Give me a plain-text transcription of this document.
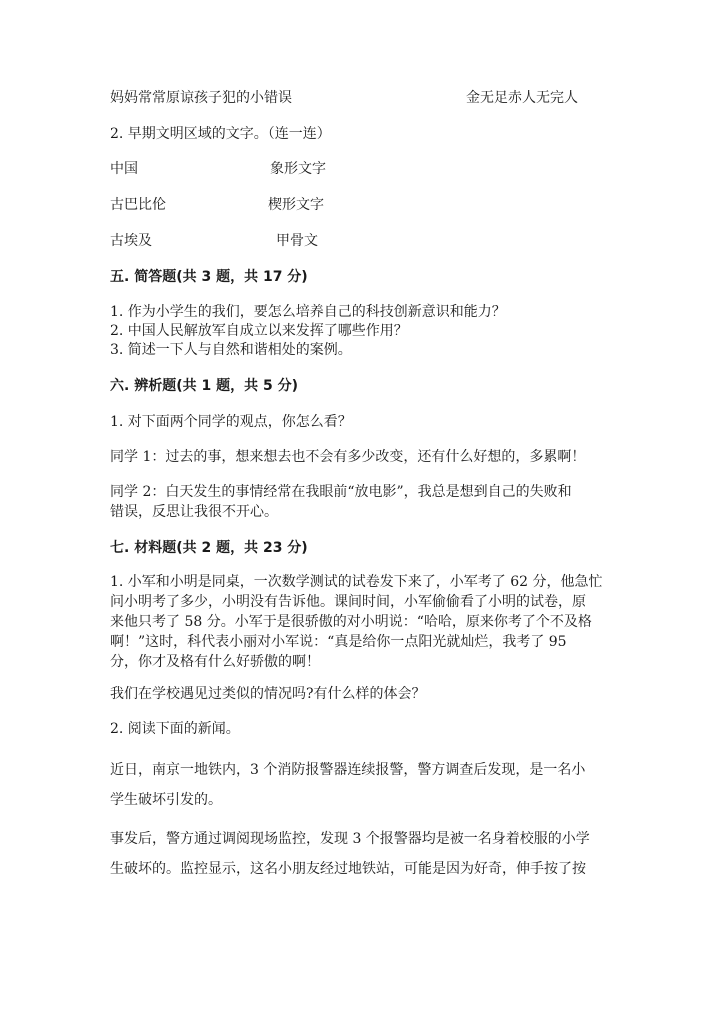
妈妈常常原谅孩子犯的小错误	金无足赤人无完人
2. 早期文明区域的文字。（连一连）
中国	象形文字
古巴比伦	楔形文字
古埃及	甲骨文
五. 简答题(共 3 题，共 17 分)
1. 作为小学生的我们，要怎么培养自己的科技创新意识和能力？
2. 中国人民解放军自成立以来发挥了哪些作用？
3. 简述一下人与自然和谐相处的案例。
六. 辨析题(共 1 题，共 5 分)
1. 对下面两个同学的观点，你怎么看？
同学 1：过去的事，想来想去也不会有多少改变，还有什么好想的，多累啊！
同学 2：白天发生的事情经常在我眼前“放电影”，我总是想到自己的失败和
错误，反思让我很不开心。
七. 材料题(共 2 题，共 23 分)
1. 小军和小明是同桌，一次数学测试的试卷发下来了，小军考了 62 分，他急忙
问小明考了多少，小明没有告诉他。课间时间，小军偷偷看了小明的试卷，原
来他只考了 58 分。小军于是很骄傲的对小明说：“哈哈，原来你考了个不及格
啊！”这时，科代表小丽对小军说：“真是给你一点阳光就灿烂，我考了 95
分，你才及格有什么好骄傲的啊！
我们在学校遇见过类似的情况吗?有什么样的体会？
2. 阅读下面的新闻。
近日，南京一地铁内，3 个消防报警器连续报警，警方调查后发现，是一名小
学生破坏引发的。
事发后，警方通过调阅现场监控，发现 3 个报警器均是被一名身着校服的小学
生破坏的。监控显示，这名小朋友经过地铁站，可能是因为好奇，伸手按了按
